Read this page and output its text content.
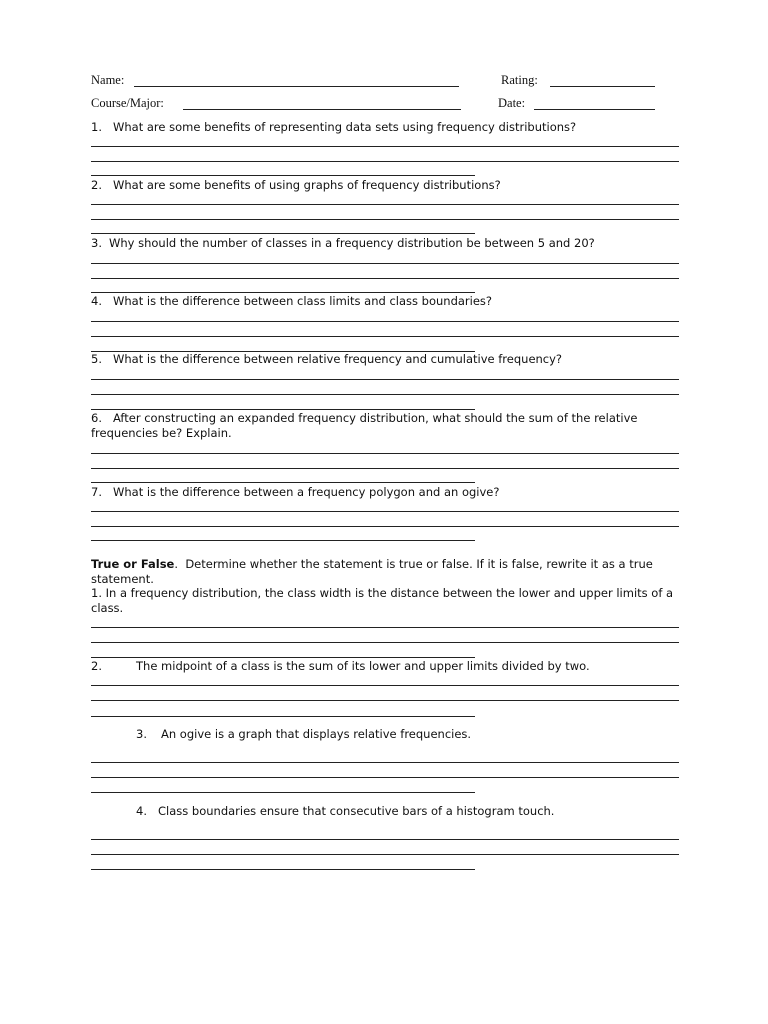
Name:	Rating:
Course/Major:	Date:
1. What are some benefits of representing data sets using frequency distributions?
2. What are some benefits of using graphs of frequency distributions?
3. Why should the number of classes in a frequency distribution be between 5 and 20?
4. What is the difference between class limits and class boundaries?
5. What is the difference between relative frequency and cumulative frequency?
6. After constructing an expanded frequency distribution, what should the sum of the relative frequencies be? Explain.
7. What is the difference between a frequency polygon and an ogive?
True or False.  Determine whether the statement is true or false. If it is false, rewrite it as a true statement.
1. In a frequency distribution, the class width is the distance between the lower and upper limits of a class.
2.	The midpoint of a class is the sum of its lower and upper limits divided by two.
3. An ogive is a graph that displays relative frequencies.
4. Class boundaries ensure that consecutive bars of a histogram touch.
